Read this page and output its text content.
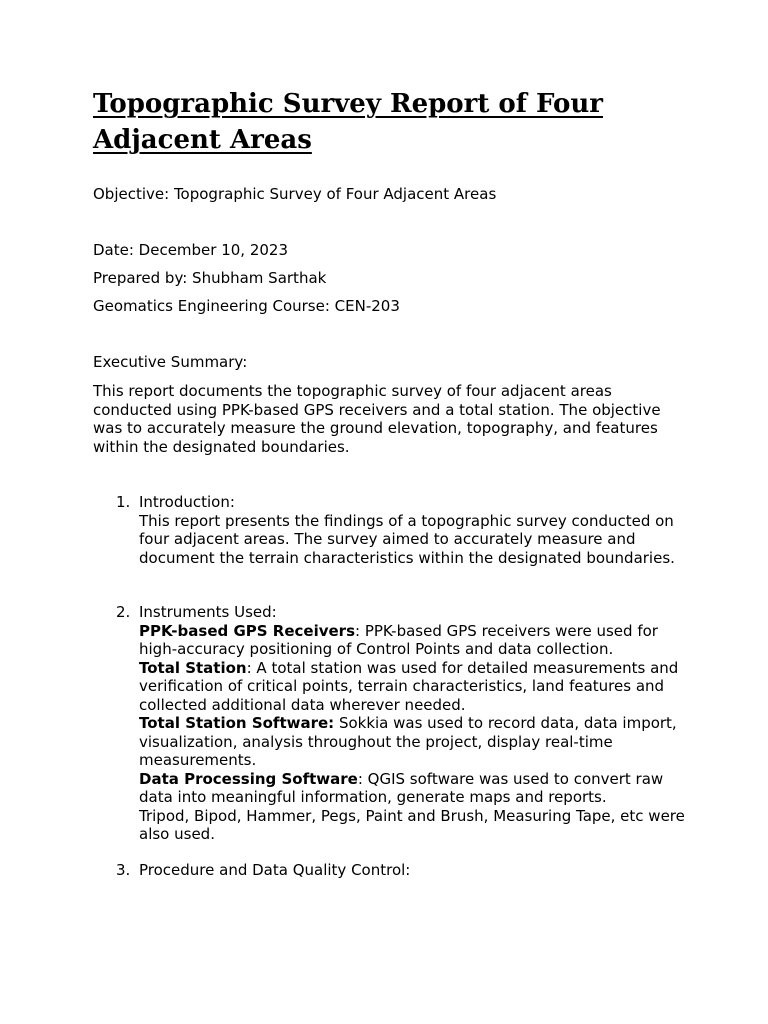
Topographic Survey Report of Four Adjacent Areas

Objective: Topographic Survey of Four Adjacent Areas

Date: December 10, 2023

Prepared by: Shubham Sarthak

Geomatics Engineering Course: CEN-203

Executive Summary:

This report documents the topographic survey of four adjacent areas conducted using PPK-based GPS receivers and a total station. The objective was to accurately measure the ground elevation, topography, and features within the designated boundaries.

1. Introduction:

This report presents the findings of a topographic survey conducted on four adjacent areas. The survey aimed to accurately measure and document the terrain characteristics within the designated boundaries.

2. Instruments Used:

PPK-based GPS Receivers: PPK-based GPS receivers were used for high-accuracy positioning of Control Points and data collection.

Total Station: A total station was used for detailed measurements and verification of critical points, terrain characteristics, land features and collected additional data wherever needed.

Total Station Software: Sokkia was used to record data, data import, visualization, analysis throughout the project, display real-time measurements.

Data Processing Software: QGIS software was used to convert raw data into meaningful information, generate maps and reports.

Tripod, Bipod, Hammer, Pegs, Paint and Brush, Measuring Tape, etc were also used.

3. Procedure and Data Quality Control:
